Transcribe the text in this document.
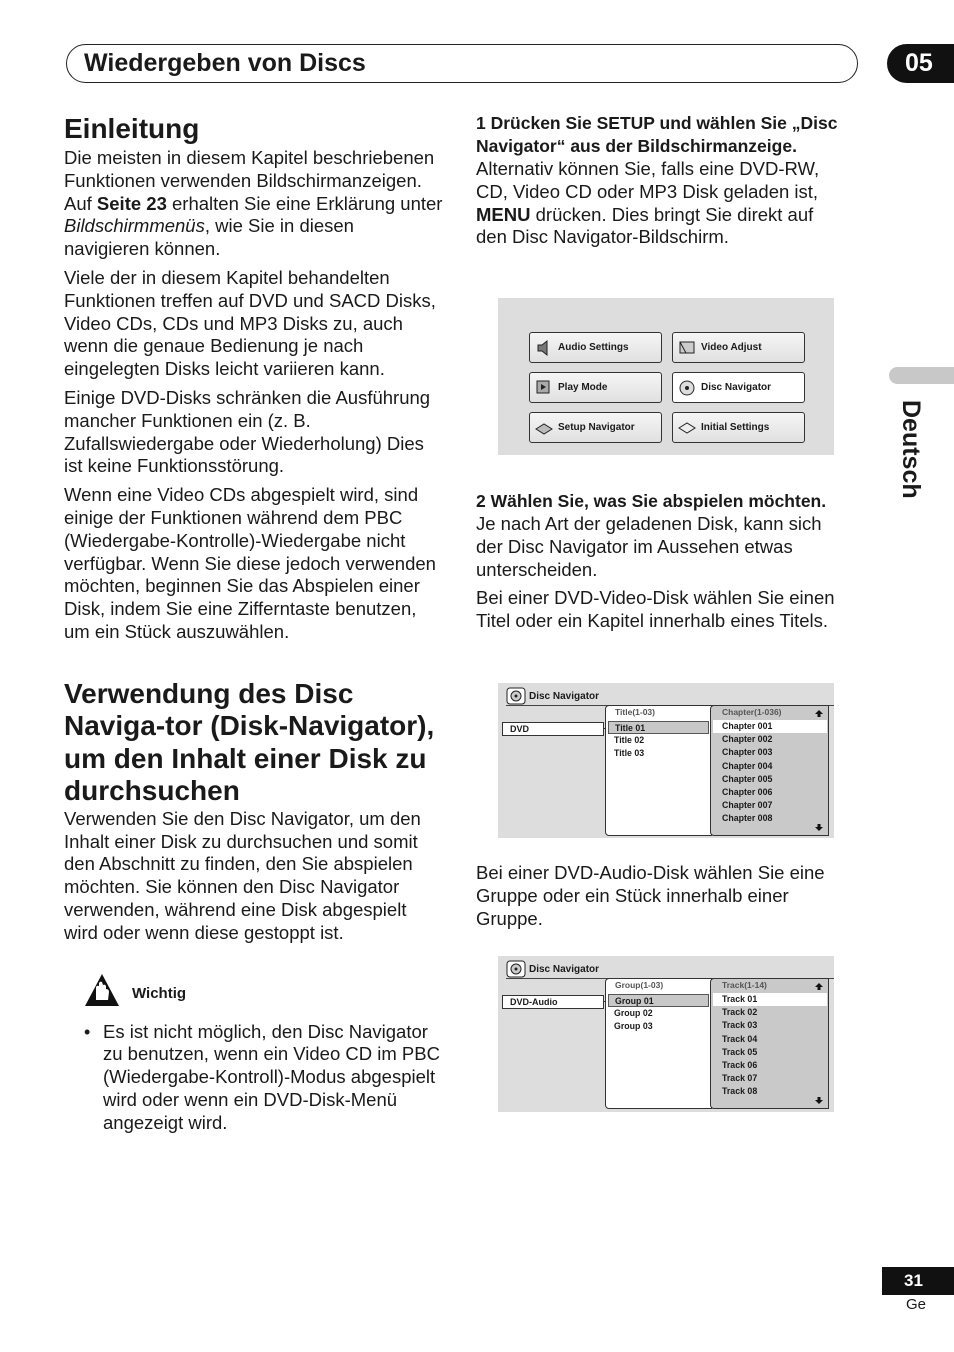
Wiedergeben von Discs	05
Deutsch
Einleitung

Die meisten in diesem Kapitel beschriebenen Funktionen verwenden Bildschirmanzeigen. Auf Seite 23 erhalten Sie eine Erklärung unter Bildschirmmenüs, wie Sie in diesen navigieren können.

Viele der in diesem Kapitel behandelten Funktionen treffen auf DVD und SACD Disks, Video CDs, CDs und MP3 Disks zu, auch wenn die genaue Bedienung je nach eingelegten Disks leicht variieren kann.

Einige DVD-Disks schränken die Ausführung mancher Funktionen ein (z. B. Zufallswiedergabe oder Wiederholung) Dies ist keine Funktionsstörung.

Wenn eine Video CDs abgespielt wird, sind einige der Funktionen während dem PBC (Wiedergabe-Kontrolle)-Wiedergabe nicht verfügbar. Wenn Sie diese jedoch verwenden möchten, beginnen Sie das Abspielen einer Disk, indem Sie eine Zifferntaste benutzen, um ein Stück auszuwählen.

Verwendung des Disc Naviga-tor (Disk-Navigator), um den Inhalt einer Disk zu durchsuchen

Verwenden Sie den Disc Navigator, um den Inhalt einer Disk zu durchsuchen und somit den Abschnitt zu finden, den Sie abspielen möchten. Sie können den Disc Navigator verwenden, während eine Disk abgespielt wird oder wenn diese gestoppt ist.

Wichtig
• Es ist nicht möglich, den Disc Navigator zu benutzen, wenn ein Video CD im PBC (Wiedergabe-Kontroll)-Modus abgespielt wird oder wenn ein DVD-Disk-Menü angezeigt wird.

1 Drücken Sie SETUP und wählen Sie „Disc Navigator“ aus der Bildschirmanzeige.

Alternativ können Sie, falls eine DVD-RW, CD, Video CD oder MP3 Disk geladen ist, MENU drücken. Dies bringt Sie direkt auf den Disc Navigator-Bildschirm.

Audio Settings	Video Adjust
Play Mode	Disc Navigator
Setup Navigator	Initial Settings

2 Wählen Sie, was Sie abspielen möchten.

Je nach Art der geladenen Disk, kann sich der Disc Navigator im Aussehen etwas unterscheiden.

Bei einer DVD-Video-Disk wählen Sie einen Titel oder ein Kapitel innerhalb eines Titels.

Disc Navigator
DVD
Title(1-03)
Title 01
Title 02
Title 03
Chapter(1-036)
Chapter 001
Chapter 002
Chapter 003
Chapter 004
Chapter 005
Chapter 006
Chapter 007
Chapter 008

Bei einer DVD-Audio-Disk wählen Sie eine Gruppe oder ein Stück innerhalb einer Gruppe.

Disc Navigator
DVD-Audio
Group(1-03)
Group 01
Group 02
Group 03
Track(1-14)
Track 01
Track 02
Track 03
Track 04
Track 05
Track 06
Track 07
Track 08
31
Ge
